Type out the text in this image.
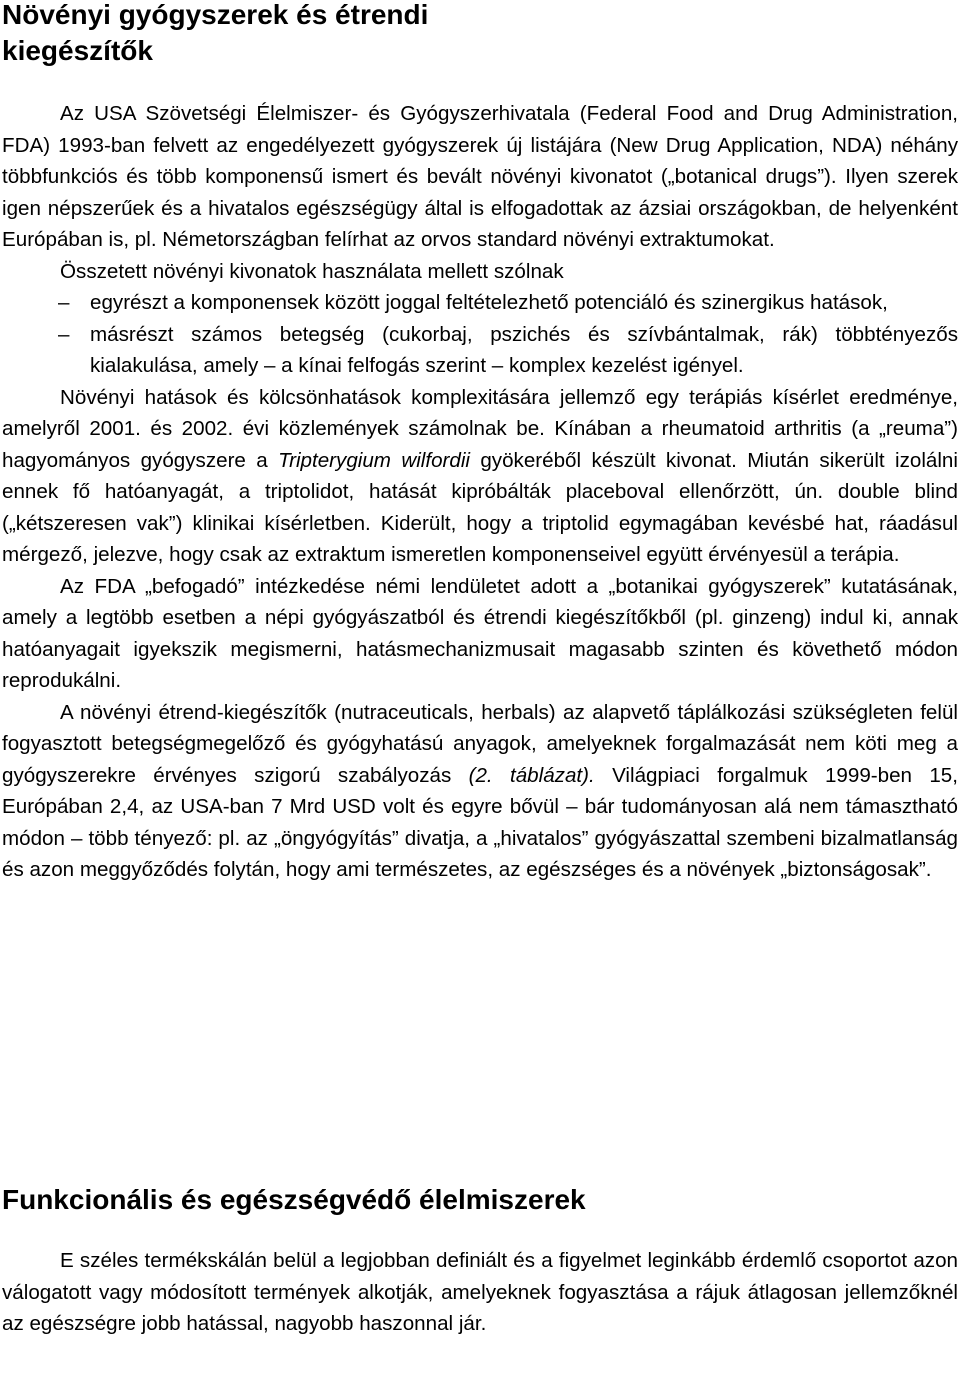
Növényi gyógyszerek és étrendi kiegészítők

Az USA Szövetségi Élelmiszer- és Gyógyszerhivatala (Federal Food and Drug Administration, FDA) 1993-ban felvett az engedélyezett gyógyszerek új listájára (New Drug Application, NDA) néhány többfunkciós és több komponensű ismert és bevált növényi kivonatot („botanical drugs”). Ilyen szerek igen népszerűek és a hivatalos egészségügy által is elfogadottak az ázsiai országokban, de helyenként Európában is, pl. Németországban felírhat az orvos standard növényi extraktumokat.

Összetett növényi kivonatok használata mellett szólnak

– egyrészt a komponensek között joggal feltételezhető potenciáló és szinergikus hatások,
– másrészt számos betegség (cukorbaj, pszichés és szívbántalmak, rák) többtényezős kialakulása, amely – a kínai felfogás szerint – komplex kezelést igényel.

Növényi hatások és kölcsönhatások komplexitására jellemző egy terápiás kísérlet eredménye, amelyről 2001. és 2002. évi közlemények számolnak be. Kínában a rheumatoid arthritis (a „reuma”) hagyományos gyógyszere a Tripterygium wilfordii gyökeréből készült kivonat. Miután sikerült izolálni ennek fő hatóanyagát, a triptolidot, hatását kipróbálták placeboval ellenőrzött, ún. double blind („kétszeresen vak”) klinikai kísérletben. Kiderült, hogy a triptolid egymagában kevésbé hat, ráadásul mérgező, jelezve, hogy csak az extraktum ismeretlen komponenseivel együtt érvényesül a terápia.

Az FDA „befogadó” intézkedése némi lendületet adott a „botanikai gyógyszerek” kutatásának, amely a legtöbb esetben a népi gyógyászatból és étrendi kiegészítőkből (pl. ginzeng) indul ki, annak hatóanyagait igyekszik megismerni, hatásmechanizmusait magasabb szinten és követhető módon reprodukálni.

A növényi étrend-kiegészítők (nutraceuticals, herbals) az alapvető táplálkozási szükségleten felül fogyasztott betegségmegelőző és gyógyhatású anyagok, amelyeknek forgalmazását nem köti meg a gyógyszerekre érvényes szigorú szabályozás (2. táblázat). Világpiaci forgalmuk 1999-ben 15, Európában 2,4, az USA-ban 7 Mrd USD volt és egyre bővül – bár tudományosan alá nem támasztható módon – több tényező: pl. az „öngyógyítás” divatja, a „hivatalos” gyógyászattal szembeni bizalmatlanság és azon meggyőződés folytán, hogy ami természetes, az egészséges és a növények „biztonságosak”.

Funkcionális és egészségvédő élelmiszerek

E széles termékskálán belül a legjobban definiált és a figyelmet leginkább érdemlő csoportot azon válogatott vagy módosított termények alkotják, amelyeknek fogyasztása a rájuk átlagosan jellemzőknél az egészségre jobb hatással, nagyobb haszonnal jár.
